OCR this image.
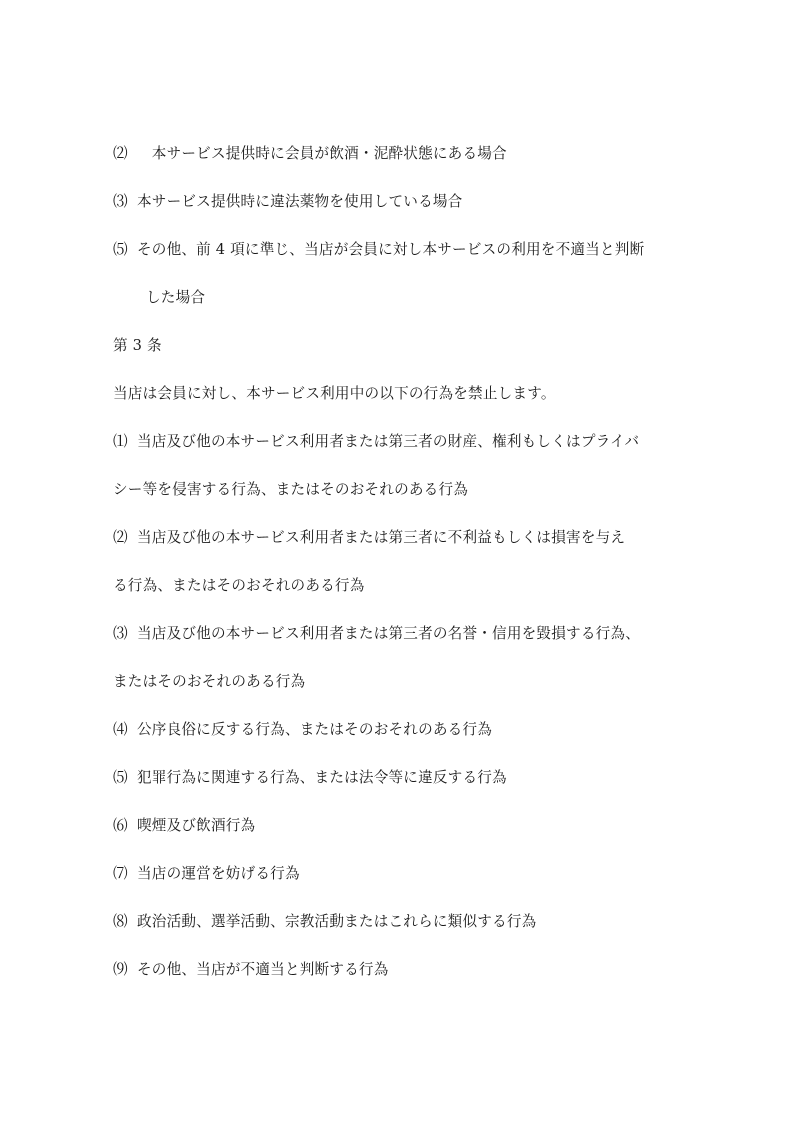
⑵　本サービス提供時に会員が飲酒・泥酔状態にある場合
⑶ 本サービス提供時に違法薬物を使用している場合
⑸ その他、前 4 項に準じ、当店が会員に対し本サービスの利用を不適当と判断
した場合
第 3 条
当店は会員に対し、本サービス利用中の以下の行為を禁止します。
⑴ 当店及び他の本サービス利用者または第三者の財産、権利もしくはプライバ
シー等を侵害する行為、またはそのおそれのある行為
⑵ 当店及び他の本サービス利用者または第三者に不利益もしくは損害を与え
る行為、またはそのおそれのある行為
⑶ 当店及び他の本サービス利用者または第三者の名誉・信用を毀損する行為、
またはそのおそれのある行為
⑷ 公序良俗に反する行為、またはそのおそれのある行為
⑸ 犯罪行為に関連する行為、または法令等に違反する行為
⑹ 喫煙及び飲酒行為
⑺ 当店の運営を妨げる行為
⑻ 政治活動、選挙活動、宗教活動またはこれらに類似する行為
⑼ その他、当店が不適当と判断する行為
